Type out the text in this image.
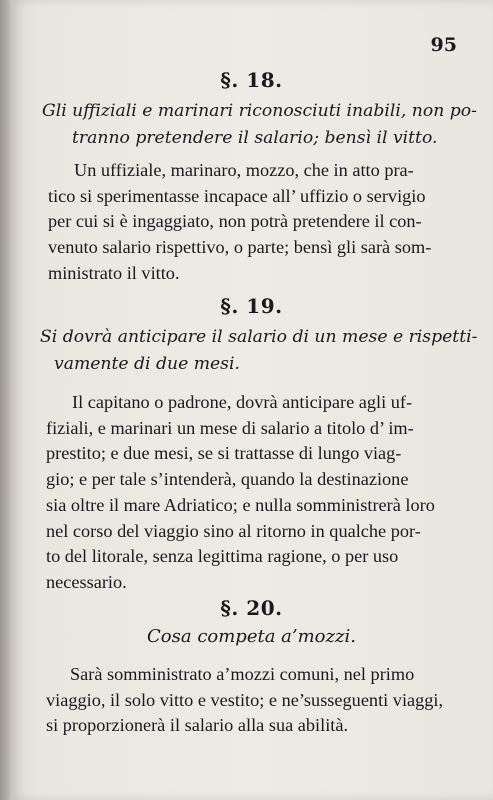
95
§. 18.
Gli uffiziali e marinari riconosciuti inabili, non po-
tranno pretendere il salario; bensì il vitto.
Un uffiziale, marinaro, mozzo, che in atto pra-
tico si sperimentasse incapace all’ uffizio o servigio
per cui si è ingaggiato, non potrà pretendere il con-
venuto salario rispettivo, o parte; bensì gli sarà som-
ministrato il vitto.
§. 19.
Si dovrà anticipare il salario di un mese e rispetti-
vamente di due mesi.
Il capitano o padrone, dovrà anticipare agli uf-
fiziali, e marinari un mese di salario a titolo d’ im-
prestito; e due mesi, se si trattasse di lungo viag-
gio; e per tale s’intenderà, quando la destinazione
sia oltre il mare Adriatico; e nulla somministrerà loro
nel corso del viaggio sino al ritorno in qualche por-
to del litorale, senza legittima ragione, o per uso
necessario.
§. 20.
Cosa competa a’mozzi.
Sarà somministrato a’mozzi comuni, nel primo
viaggio, il solo vitto e vestito; e ne’susseguenti viaggi,
si proporzionerà il salario alla sua abilità.
